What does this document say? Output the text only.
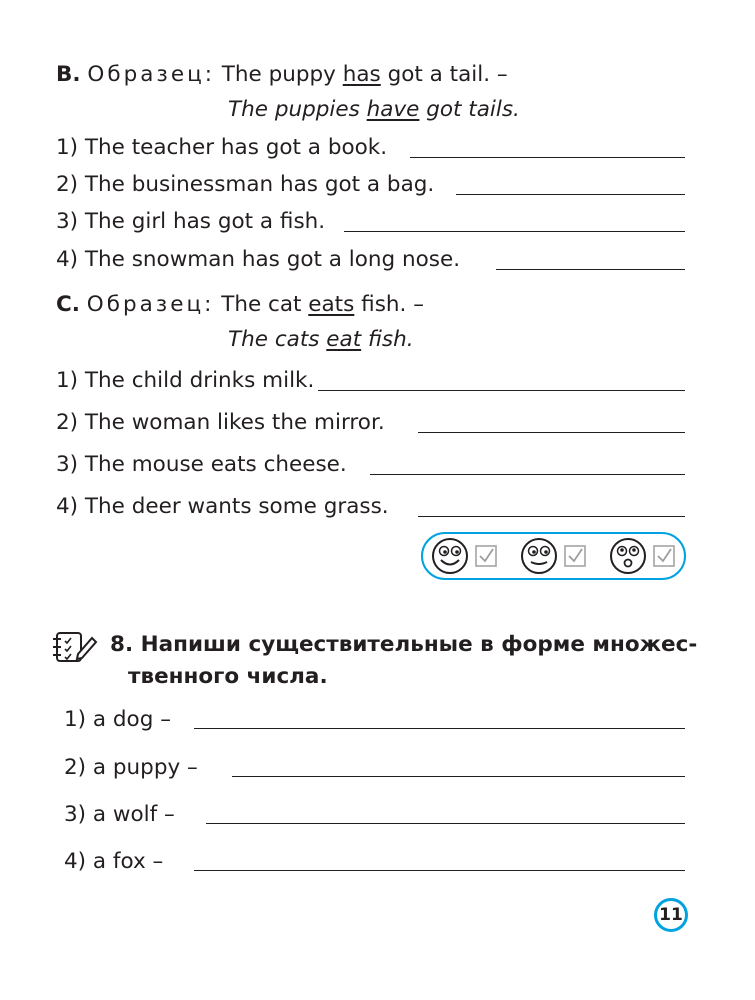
B. Образец: The puppy has got a tail. –
The puppies have got tails.
1) The teacher has got a book.
2) The businessman has got a bag.
3) The girl has got a fish.
4) The snowman has got a long nose.
C. Образец: The cat eats fish. –
The cats eat fish.
1) The child drinks milk.
2) The woman likes the mirror.
3) The mouse eats cheese.
4) The deer wants some grass.
8. Напиши существительные в форме множес-
твенного числа.
1) a dog –
2) a puppy –
3) a wolf –
4) a fox –
11
